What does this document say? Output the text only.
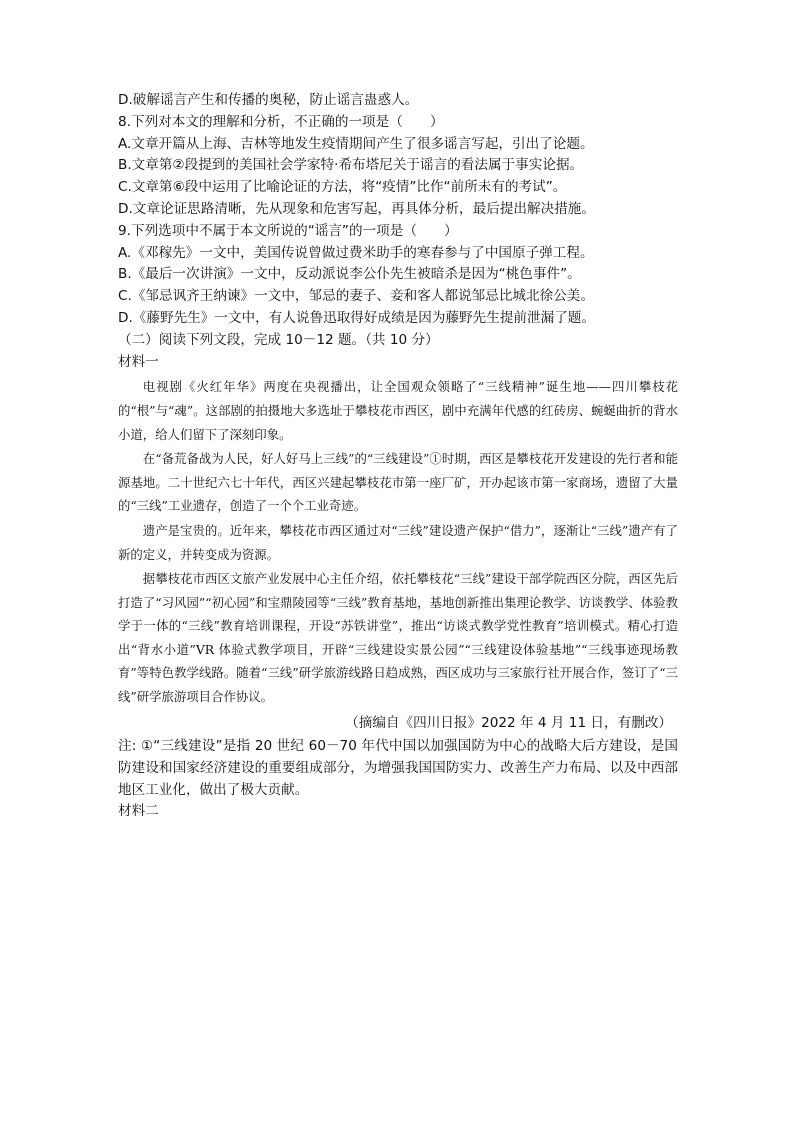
D.破解谣言产生和传播的奥秘，防止谣言蛊惑人。
8.下列对本文的理解和分析，不正确的一项是（　　）
A.文章开篇从上海、吉林等地发生疫情期间产生了很多谣言写起，引出了论题。
B.文章第②段提到的美国社会学家特·希布塔尼关于谣言的看法属于事实论据。
C.文章第⑥段中运用了比喻论证的方法，将“疫情”比作“前所未有的考试”。
D.文章论证思路清晰，先从现象和危害写起，再具体分析，最后提出解决措施。
9.下列选项中不属于本文所说的“谣言”的一项是（　　）
A.《邓稼先》一文中，美国传说曾做过费米助手的寒春参与了中国原子弹工程。
B.《最后一次讲演》一文中，反动派说李公仆先生被暗杀是因为“桃色事件”。
C.《邹忌讽齐王纳谏》一文中，邹忌的妻子、妾和客人都说邹忌比城北徐公美。
D.《藤野先生》一文中，有人说鲁迅取得好成绩是因为藤野先生提前泄漏了题。
（二）阅读下列文段，完成 10－12 题。（共 10 分）
材料一

电视剧《火红年华》两度在央视播出，让全国观众领略了“三线精神”诞生地——四川攀枝花的“根”与“魂”。这部剧的拍摄地大多选址于攀枝花市西区，剧中充满年代感的红砖房、蜿蜒曲折的背水小道，给人们留下了深刻印象。

在“备荒备战为人民，好人好马上三线”的“三线建设”①时期，西区是攀枝花开发建设的先行者和能源基地。二十世纪六七十年代，西区兴建起攀枝花市第一座厂矿，开办起该市第一家商场，遗留了大量的“三线”工业遗存，创造了一个个工业奇迹。

遗产是宝贵的。近年来，攀枝花市西区通过对“三线”建设遗产保护“借力”，逐渐让“三线”遗产有了新的定义，并转变成为资源。

据攀枝花市西区文旅产业发展中心主任介绍，依托攀枝花“三线”建设干部学院西区分院，西区先后打造了“习风园”“初心园”和宝鼎陵园等“三线”教育基地，基地创新推出集理论教学、访谈教学、体验教学于一体的“三线”教育培训课程，开设“苏铁讲堂”，推出“访谈式教学党性教育”培训模式。精心打造出“背水小道”VR 体验式教学项目，开辟“三线建设实景公园”“三线建设体验基地”“三线事迹现场教育”等特色教学线路。随着“三线”研学旅游线路日趋成熟，西区成功与三家旅行社开展合作，签订了“三线”研学旅游项目合作协议。

（摘编自《四川日报》2022 年 4 月 11 日，有删改）
注: ①“三线建设”是指 20 世纪 60－70 年代中国以加强国防为中心的战略大后方建设，是国防建设和国家经济建设的重要组成部分，为增强我国国防实力、改善生产力布局、以及中西部地区工业化，做出了极大贡献。
材料二
